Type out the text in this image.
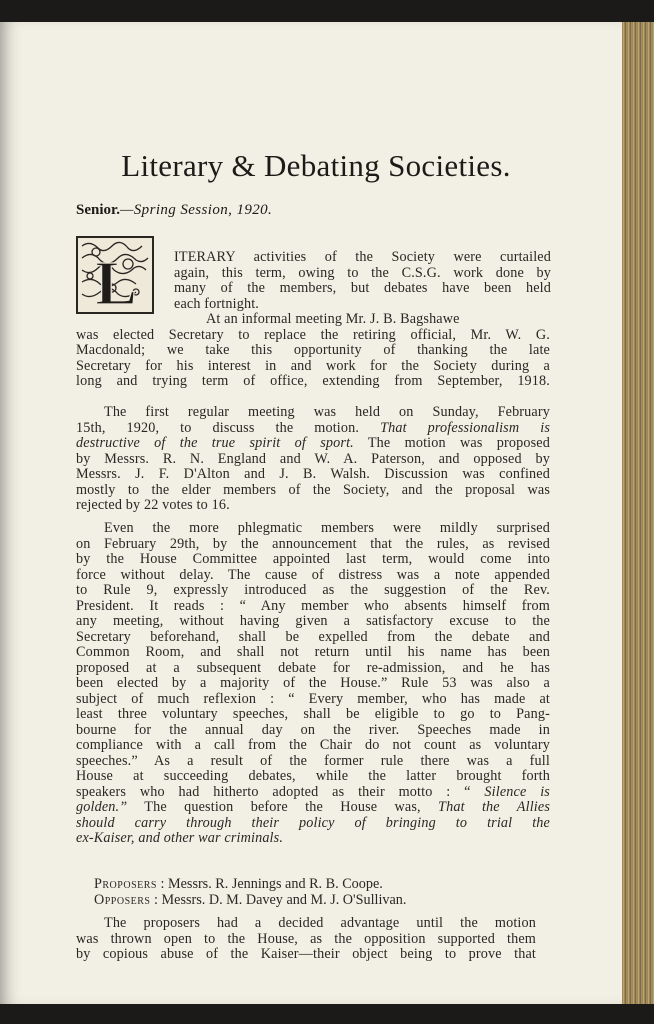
Literary & Debating Societies.
Senior.—Spring Session, 1920.
L	ITERARY activities of the Society were curtailed
again, this term, owing to the C.S.G. work done by
many of the members, but debates have been held
each fortnight.
At an informal meeting Mr. J. B. Bagshawe
was elected Secretary to replace the retiring official, Mr. W. G.
Macdonald; we take this opportunity of thanking the late
Secretary for his interest in and work for the Society during a
long and trying term of office, extending from September, 1918.
The first regular meeting was held on Sunday, February
15th, 1920, to discuss the motion. That professionalism is
destructive of the true spirit of sport. The motion was proposed
by Messrs. R. N. England and W. A. Paterson, and opposed by
Messrs. J. F. D'Alton and J. B. Walsh. Discussion was confined
mostly to the elder members of the Society, and the proposal was
rejected by 22 votes to 16.
Even the more phlegmatic members were mildly surprised
on February 29th, by the announcement that the rules, as revised
by the House Committee appointed last term, would come into
force without delay. The cause of distress was a note appended
to Rule 9, expressly introduced as the suggestion of the Rev.
President. It reads : “ Any member who absents himself from
any meeting, without having given a satisfactory excuse to the
Secretary beforehand, shall be expelled from the debate and
Common Room, and shall not return until his name has been
proposed at a subsequent debate for re-admission, and he has
been elected by a majority of the House.” Rule 53 was also a
subject of much reflexion : “ Every member, who has made at
least three voluntary speeches, shall be eligible to go to Pang-
bourne for the annual day on the river. Speeches made in
compliance with a call from the Chair do not count as voluntary
speeches.” As a result of the former rule there was a full
House at succeeding debates, while the latter brought forth
speakers who had hitherto adopted as their motto : “ Silence is
golden.” The question before the House was, That the Allies
should carry through their policy of bringing to trial the
ex-Kaiser, and other war criminals.
Proposers : Messrs. R. Jennings and R. B. Coope.
Opposers : Messrs. D. M. Davey and M. J. O'Sullivan.
The proposers had a decided advantage until the motion
was thrown open to the House, as the opposition supported them
by copious abuse of the Kaiser—their object being to prove that
